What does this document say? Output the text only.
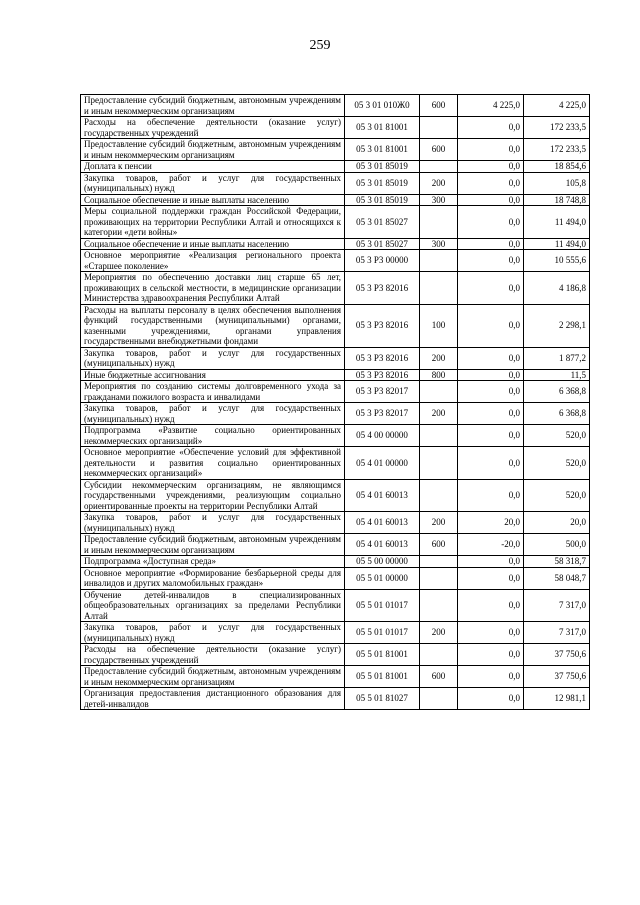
259
Предоставление субсидий бюджетным, автономным учреждениям и иным некоммерческим организациям	05 3 01 010Ж0	600	4 225,0	4 225,0
Расходы на обеспечение деятельности (оказание услуг) государственных учреждений	05 3 01 81001		0,0	172 233,5
Предоставление субсидий бюджетным, автономным учреждениям и иным некоммерческим организациям	05 3 01 81001	600	0,0	172 233,5
Доплата к пенсии	05 3 01 85019		0,0	18 854,6
Закупка товаров, работ и услуг для государственных (муниципальных) нужд	05 3 01 85019	200	0,0	105,8
Социальное обеспечение и иные выплаты населению	05 3 01 85019	300	0,0	18 748,8
Меры социальной поддержки граждан Российской Федерации, проживающих на территории Республики Алтай и относящихся к категории «дети войны»	05 3 01 85027		0,0	11 494,0
Социальное обеспечение и иные выплаты населению	05 3 01 85027	300	0,0	11 494,0
Основное мероприятие «Реализация регионального проекта «Старшее поколение»	05 3 P3 00000		0,0	10 555,6
Мероприятия по обеспечению доставки лиц старше 65 лет, проживающих в сельской местности, в медицинские организации Министерства здравоохранения Республики Алтай	05 3 P3 82016		0,0	4 186,8
Расходы на выплаты персоналу в целях обеспечения выполнения функций государственными (муниципальными) органами, казенными учреждениями, органами управления государственными внебюджетными фондами	05 3 P3 82016	100	0,0	2 298,1
Закупка товаров, работ и услуг для государственных (муниципальных) нужд	05 3 P3 82016	200	0,0	1 877,2
Иные бюджетные ассигнования	05 3 P3 82016	800	0,0	11,5
Мероприятия по созданию системы долговременного ухода за гражданами пожилого возраста и инвалидами	05 3 P3 82017		0,0	6 368,8
Закупка товаров, работ и услуг для государственных (муниципальных) нужд	05 3 P3 82017	200	0,0	6 368,8
Подпрограмма «Развитие социально ориентированных некоммерческих организаций»	05 4 00 00000		0,0	520,0
Основное мероприятие «Обеспечение условий для эффективной деятельности и развития социально ориентированных некоммерческих организаций»	05 4 01 00000		0,0	520,0
Субсидии некоммерческим организациям, не являющимся государственными учреждениями, реализующим социально ориентированные проекты на территории Республики Алтай	05 4 01 60013		0,0	520,0
Закупка товаров, работ и услуг для государственных (муниципальных) нужд	05 4 01 60013	200	20,0	20,0
Предоставление субсидий бюджетным, автономным учреждениям и иным некоммерческим организациям	05 4 01 60013	600	-20,0	500,0
Подпрограмма «Доступная среда»	05 5 00 00000		0,0	58 318,7
Основное мероприятие «Формирование безбарьерной среды для инвалидов и других маломобильных граждан»	05 5 01 00000		0,0	58 048,7
Обучение детей-инвалидов в специализированных общеобразовательных организациях за пределами Республики Алтай	05 5 01 01017		0,0	7 317,0
Закупка товаров, работ и услуг для государственных (муниципальных) нужд	05 5 01 01017	200	0,0	7 317,0
Расходы на обеспечение деятельности (оказание услуг) государственных учреждений	05 5 01 81001		0,0	37 750,6
Предоставление субсидий бюджетным, автономным учреждениям и иным некоммерческим организациям	05 5 01 81001	600	0,0	37 750,6
Организация предоставления дистанционного образования для детей-инвалидов	05 5 01 81027		0,0	12 981,1
